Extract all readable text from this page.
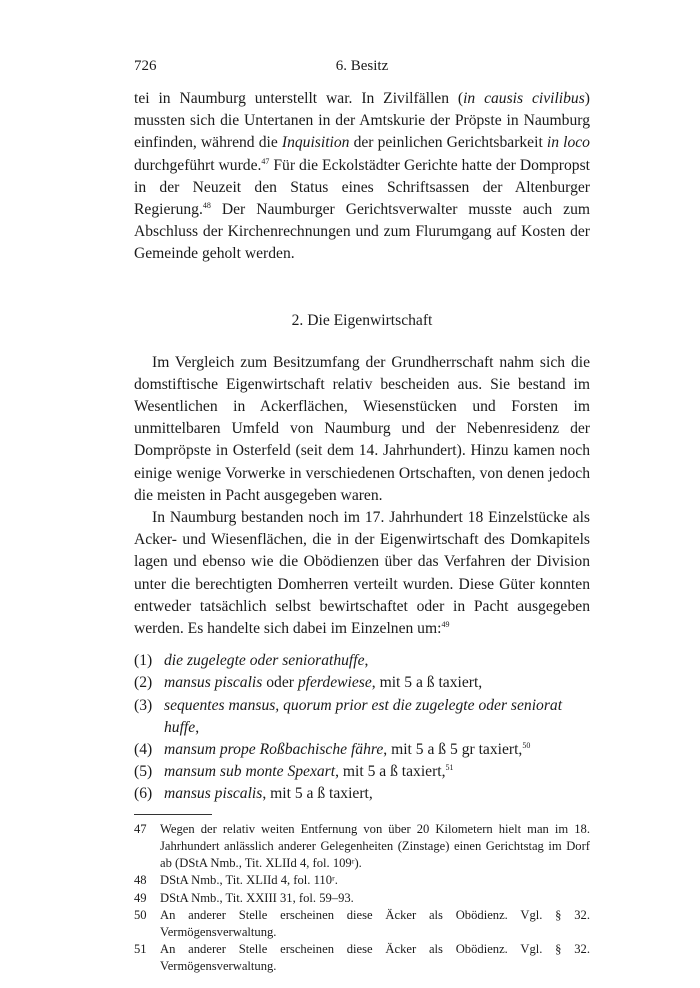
726	6. Besitz

tei in Naumburg unterstellt war. In Zivilfällen (in causis civilibus) mussten sich die Untertanen in der Amtskurie der Pröpste in Naumburg einfinden, während die Inquisition der peinlichen Gerichtsbarkeit in loco durchgeführt wurde.$^{47}$ Für die Eckolstädter Gerichte hatte der Dompropst in der Neuzeit den Status eines Schriftsassen der Altenburger Regierung.$^{48}$ Der Naumburger Gerichtsverwalter musste auch zum Abschluss der Kirchenrechnungen und zum Flurumgang auf Kosten der Gemeinde geholt werden.

2. Die Eigenwirtschaft

Im Vergleich zum Besitzumfang der Grundherrschaft nahm sich die domstiftische Eigenwirtschaft relativ bescheiden aus. Sie bestand im Wesentlichen in Ackerflächen, Wiesenstücken und Forsten im unmittelbaren Umfeld von Naumburg und der Nebenresidenz der Dompröpste in Osterfeld (seit dem 14. Jahrhundert). Hinzu kamen noch einige wenige Vorwerke in verschiedenen Ortschaften, von denen jedoch die meisten in Pacht ausgegeben waren.

In Naumburg bestanden noch im 17. Jahrhundert 18 Einzelstücke als Acker- und Wiesenflächen, die in der Eigenwirtschaft des Domkapitels lagen und ebenso wie die Obödienzen über das Verfahren der Division unter die berechtigten Domherren verteilt wurden. Diese Güter konnten entweder tatsächlich selbst bewirtschaftet oder in Pacht ausgegeben werden. Es handelte sich dabei im Einzelnen um:$^{49}$

(1) die zugelegte oder seniorathuffe,
(2) mansus piscalis oder pferdewiese, mit 5 a ß taxiert,
(3) sequentes mansus, quorum prior est die zugelegte oder seniorat huffe,
(4) mansum prope Roßbachische fähre, mit 5 a ß 5 gr taxiert,$^{50}$
(5) mansum sub monte Spexart, mit 5 a ß taxiert,$^{51}$
(6) mansus piscalis, mit 5 a ß taxiert,
47	Wegen der relativ weiten Entfernung von über 20 Kilometern hielt man im 18. Jahrhundert anlässlich anderer Gelegenheiten (Zinstage) einen Gerichtstag im Dorf ab (DStA Nmb., Tit. XLIId 4, fol. 109ʳ).
48	DStA Nmb., Tit. XLIId 4, fol. 110ʳ.
49	DStA Nmb., Tit. XXIII 31, fol. 59–93.
50	An anderer Stelle erscheinen diese Äcker als Obödienz. Vgl. § 32. Vermögensverwaltung.
51	An anderer Stelle erscheinen diese Äcker als Obödienz. Vgl. § 32. Vermögensverwaltung.
